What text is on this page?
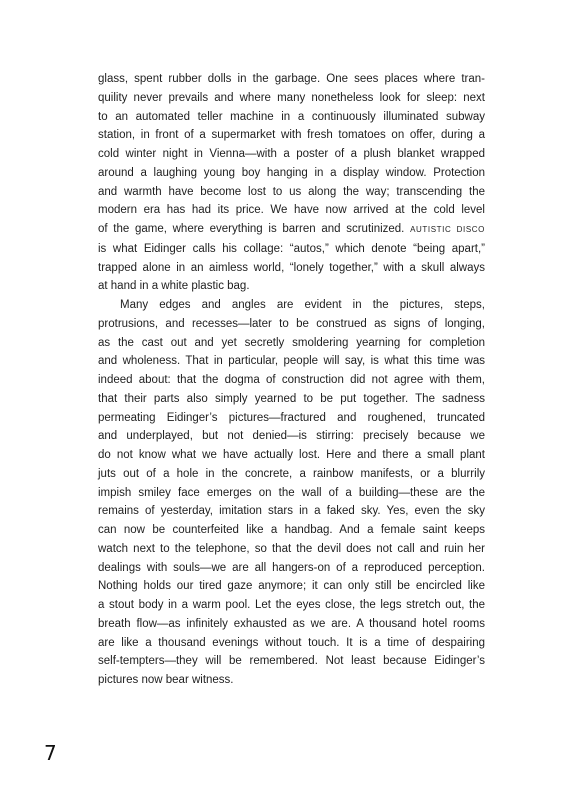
glass, spent rubber dolls in the garbage. One sees places where tran-
quility never prevails and where many nonetheless look for sleep: next
to an automated teller machine in a continuously illuminated subway
station, in front of a supermarket with fresh tomatoes on offer, during a
cold winter night in Vienna—with a poster of a plush blanket wrapped
around a laughing young boy hanging in a display window. Protection
and warmth have become lost to us along the way; transcending the
modern era has had its price. We have now arrived at the cold level
of the game, where everything is barren and scrutinized. AUTISTIC DISCO
is what Eidinger calls his collage: “autos,” which denote “being apart,”
trapped alone in an aimless world, “lonely together,” with a skull always
at hand in a white plastic bag.
Many edges and angles are evident in the pictures, steps,
protrusions, and recesses—later to be construed as signs of longing,
as the cast out and yet secretly smoldering yearning for completion
and wholeness. That in particular, people will say, is what this time was
indeed about: that the dogma of construction did not agree with them,
that their parts also simply yearned to be put together. The sadness
permeating Eidinger’s pictures—fractured and roughened, truncated
and underplayed, but not denied—is stirring: precisely because we
do not know what we have actually lost. Here and there a small plant
juts out of a hole in the concrete, a rainbow manifests, or a blurrily
impish smiley face emerges on the wall of a building—these are the
remains of yesterday, imitation stars in a faked sky. Yes, even the sky
can now be counterfeited like a handbag. And a female saint keeps
watch next to the telephone, so that the devil does not call and ruin her
dealings with souls—we are all hangers-on of a reproduced perception.
Nothing holds our tired gaze anymore; it can only still be encircled like
a stout body in a warm pool. Let the eyes close, the legs stretch out, the
breath flow—as infinitely exhausted as we are. A thousand hotel rooms
are like a thousand evenings without touch. It is a time of despairing
self-tempters—they will be remembered. Not least because Eidinger’s
pictures now bear witness.
7
